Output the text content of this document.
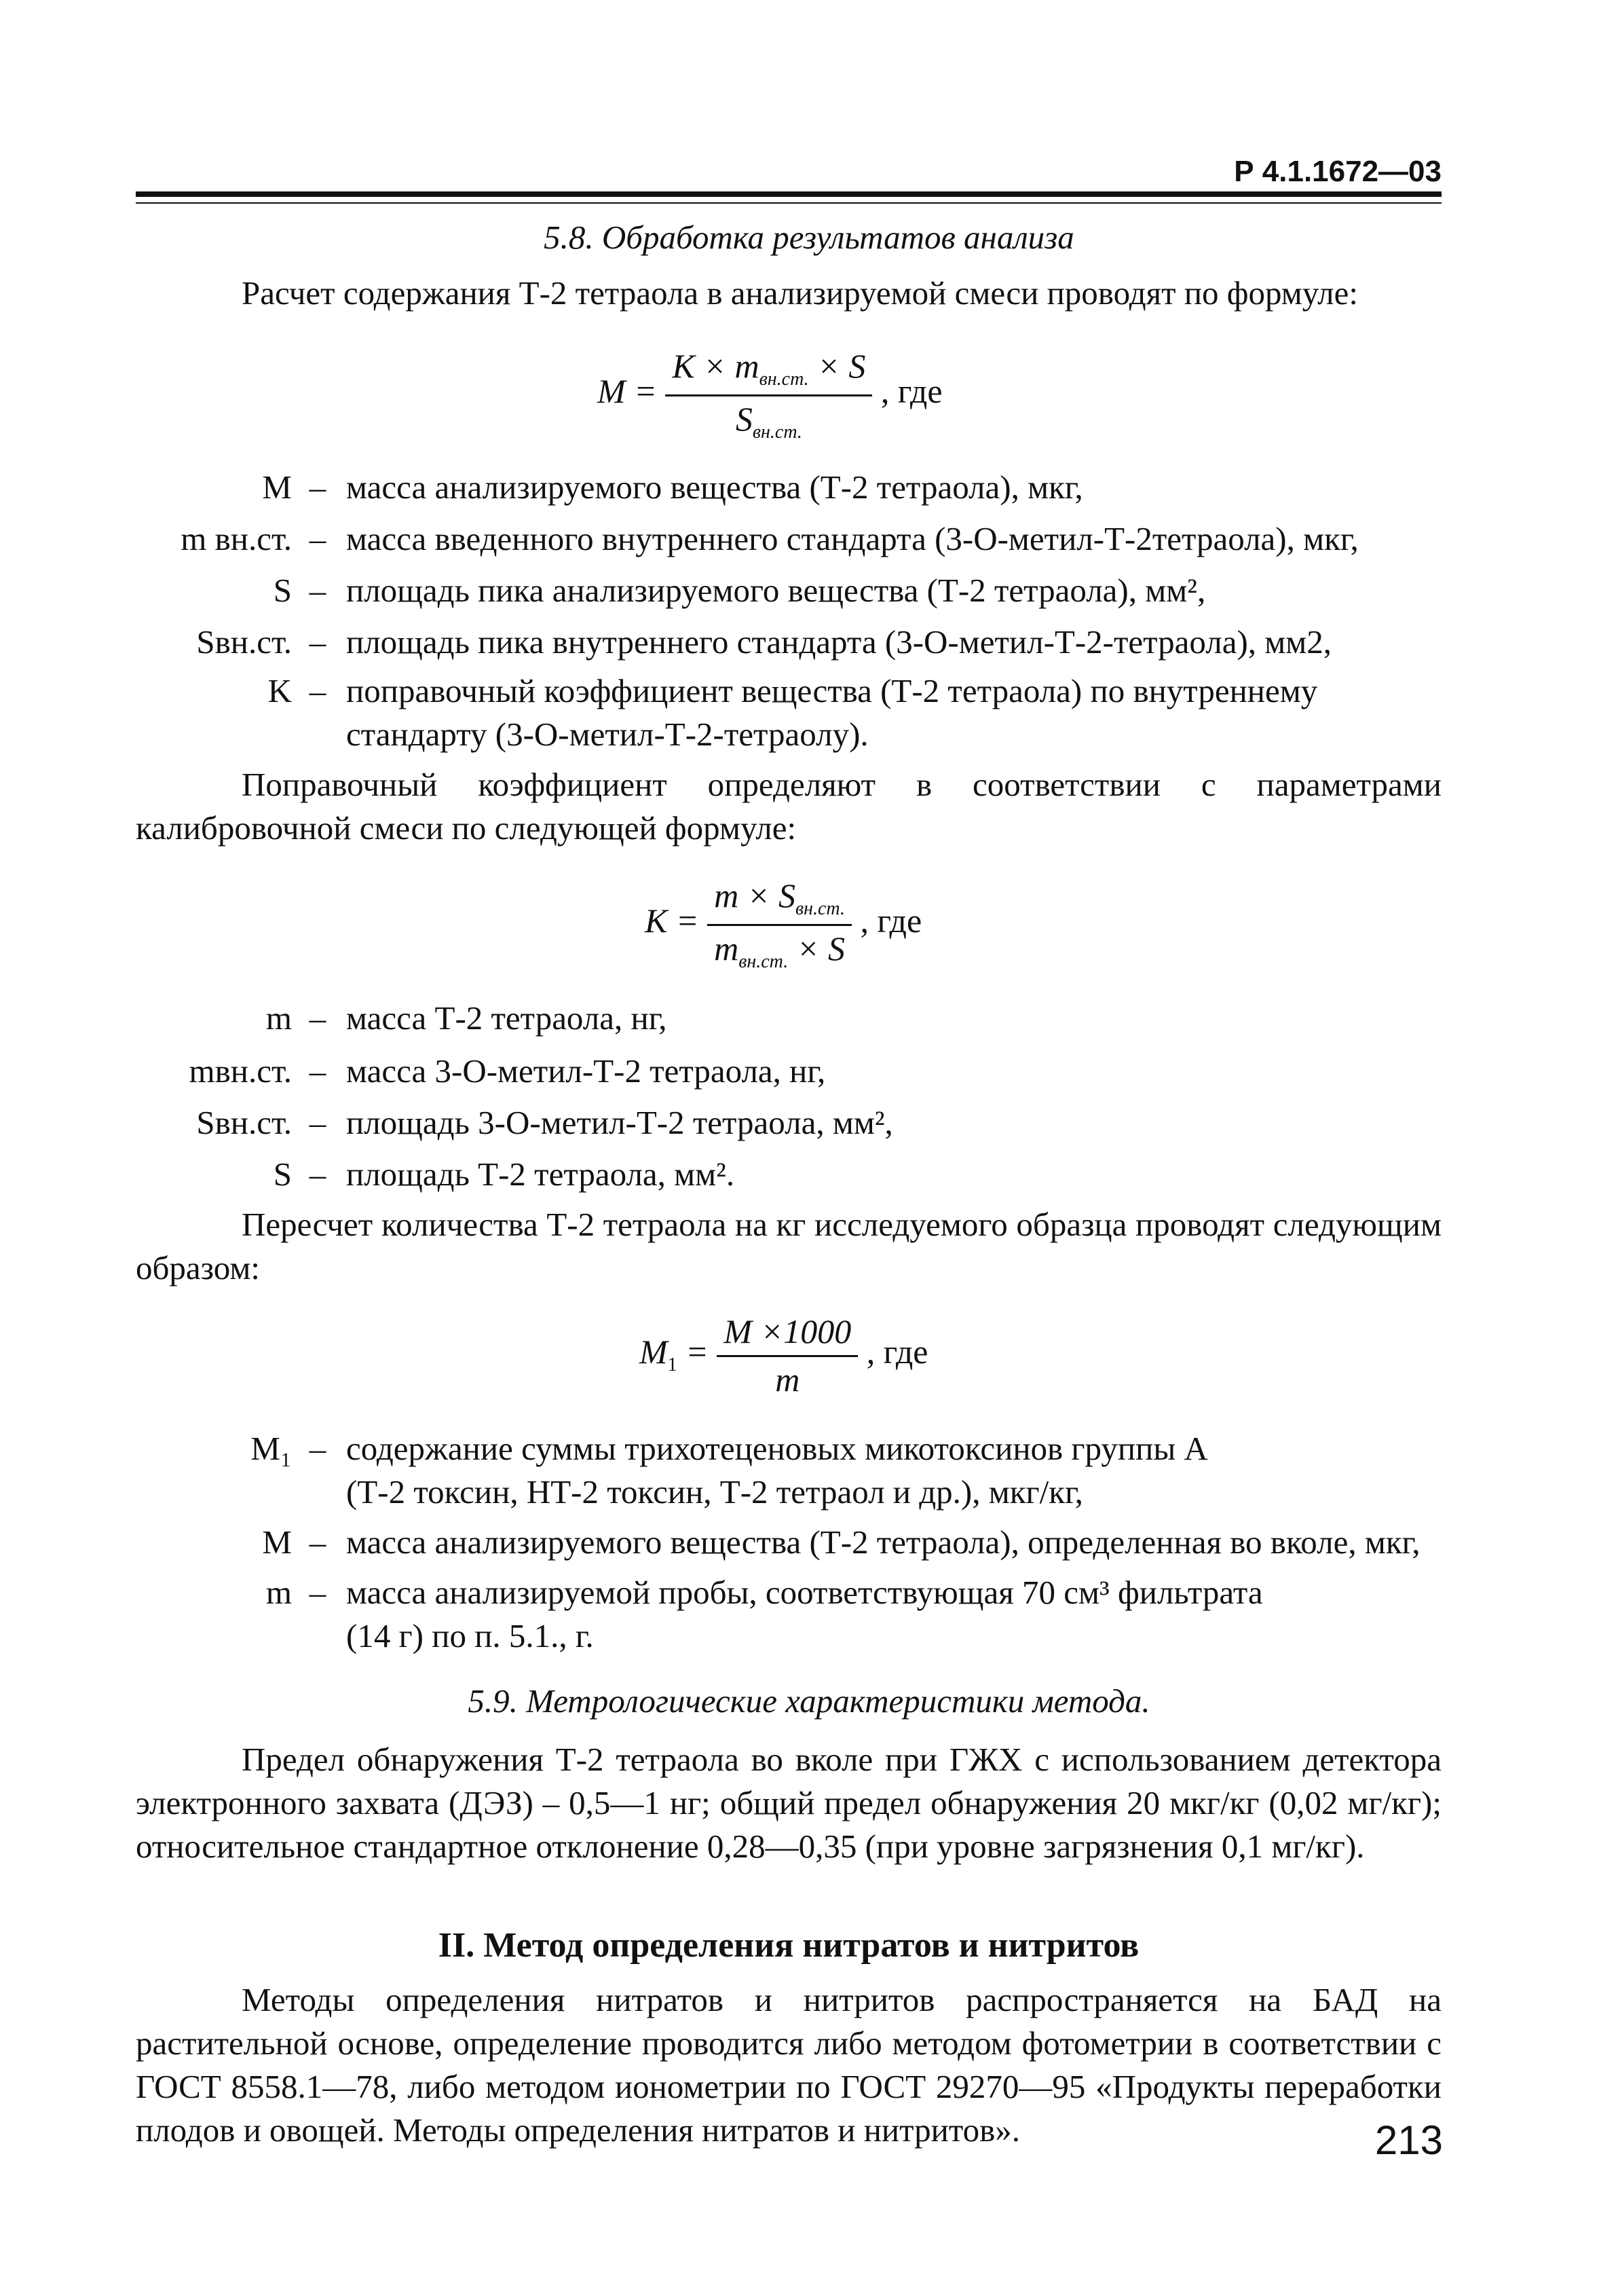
Р 4.1.1672—03
5.8. Обработка результатов анализа
Расчет содержания Т-2 тетраола в анализируемой смеси проводят по формуле:
$M = \frac{K \times m_{вн.ст.} \times S}{S_{вн.ст.}}$ , где
М – масса анализируемого вещества (Т-2 тетраола), мкг,
m вн.ст. – масса введенного внутреннего стандарта (3-О-метил-Т-2тетраола), мкг,
S – площадь пика анализируемого вещества (Т-2 тетраола), мм²,
Sвн.ст. – площадь пика внутреннего стандарта (3-О-метил-Т-2-тетраола), мм2,
K – поправочный коэффициент вещества (Т-2 тетраола) по внутреннему стандарту (3-О-метил-Т-2-тетраолу).
Поправочный коэффициент определяют в соответствии с параметрами калибровочной смеси по следующей формуле:
$K = \frac{m \times S_{вн.ст.}}{m_{вн.ст.} \times S}$ , где
m – масса Т-2 тетраола, нг,
mвн.ст. – масса 3-О-метил-Т-2 тетраола, нг,
Sвн.ст. – площадь 3-О-метил-Т-2 тетраола, мм²,
S – площадь Т-2 тетраола, мм².
Пересчет количества Т-2 тетраола на кг исследуемого образца проводят следующим образом:
$M_1 = \frac{M \times 1000}{m}$ , где
M₁ – содержание суммы трихотеценовых микотоксинов группы А (Т-2 токсин, НТ-2 токсин, Т-2 тетраол и др.), мкг/кг,
М – масса анализируемого вещества (Т-2 тетраола), определенная во вколе, мкг,
m – масса анализируемой пробы, соответствующая 70 см³ фильтрата (14 г) по п. 5.1., г.
5.9. Метрологические характеристики метода.
Предел обнаружения Т-2 тетраола во вколе при ГЖХ с использованием детектора электронного захвата (ДЭЗ) – 0,5—1 нг; общий предел обнаружения 20 мкг/кг (0,02 мг/кг); относительное стандартное отклонение 0,28—0,35 (при уровне загрязнения 0,1 мг/кг).
II. Метод определения нитратов и нитритов
Методы определения нитратов и нитритов распространяется на БАД на растительной основе, определение проводится либо методом фотометрии в соответствии с ГОСТ 8558.1—78, либо методом ионометрии по ГОСТ 29270—95 «Продукты переработки плодов и овощей. Методы определения нитратов и нитритов».	213
